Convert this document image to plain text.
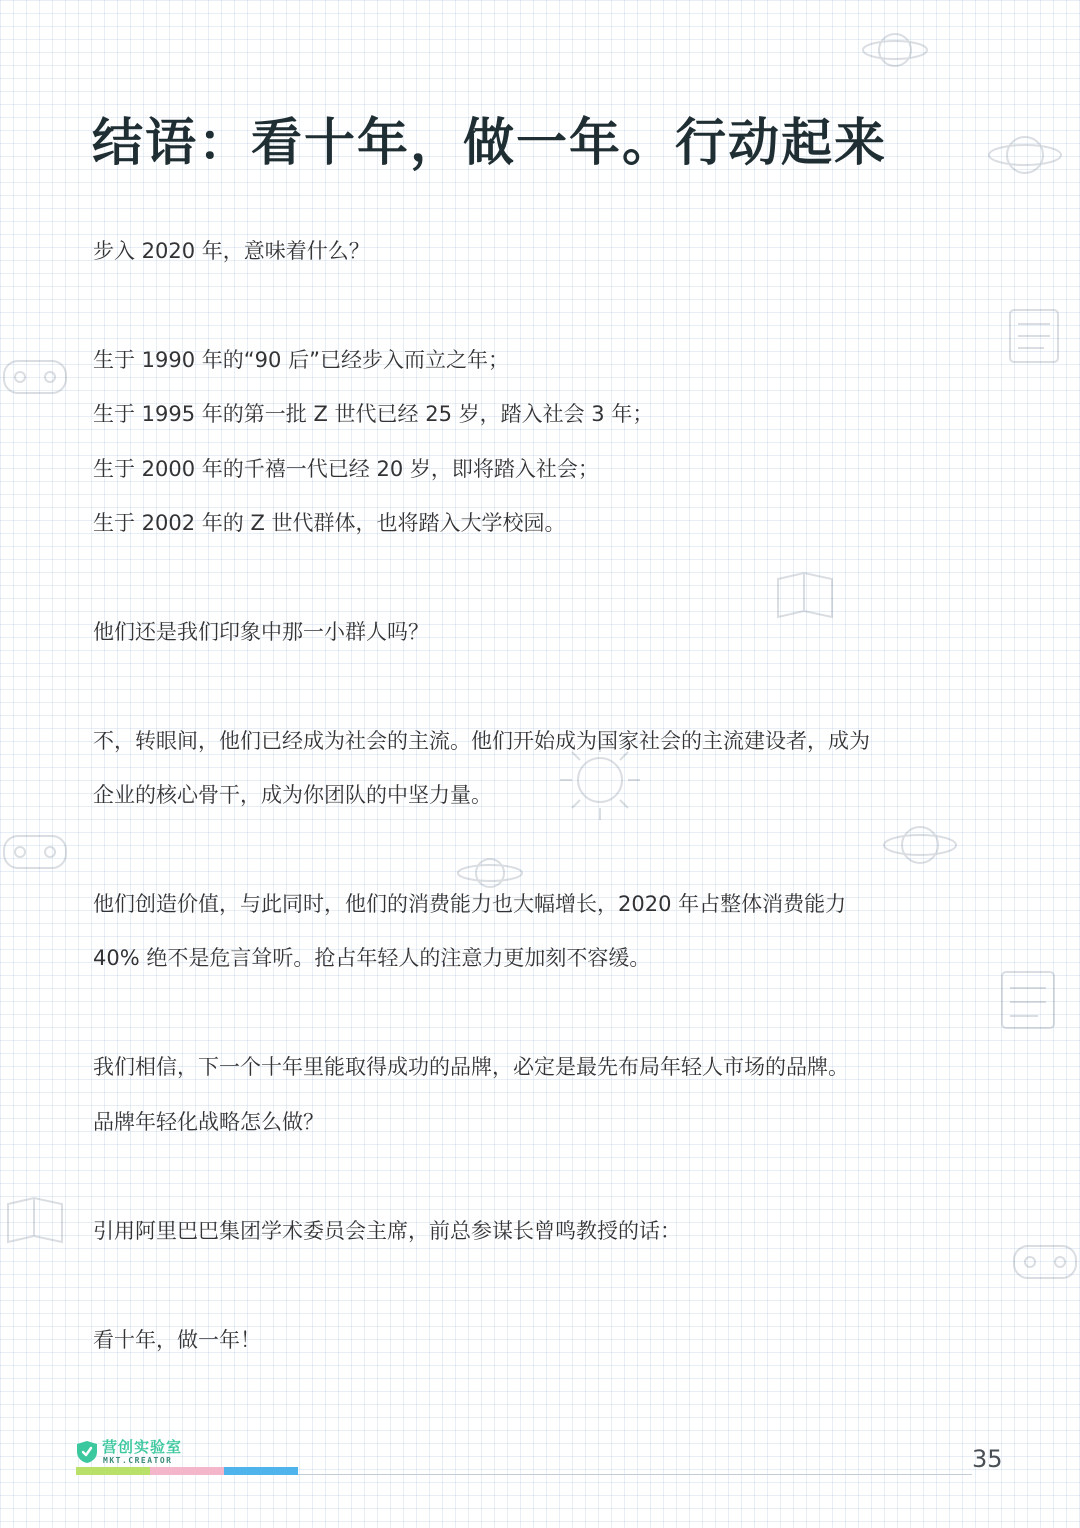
结语：看十年，做一年。行动起来

步入 2020 年，意味着什么？

生于 1990 年的“90 后”已经步入而立之年；

生于 1995 年的第一批 Z 世代已经 25 岁，踏入社会 3 年；

生于 2000 年的千禧一代已经 20 岁，即将踏入社会；

生于 2002 年的 Z 世代群体，也将踏入大学校园。

他们还是我们印象中那一小群人吗？

不，转眼间，他们已经成为社会的主流。他们开始成为国家社会的主流建设者，成为

企业的核心骨干，成为你团队的中坚力量。

他们创造价值，与此同时，他们的消费能力也大幅增长，2020 年占整体消费能力

40% 绝不是危言耸听。抢占年轻人的注意力更加刻不容缓。

我们相信，下一个十年里能取得成功的品牌，必定是最先布局年轻人市场的品牌。

品牌年轻化战略怎么做？

引用阿里巴巴集团学术委员会主席，前总参谋长曾鸣教授的话：

看十年，做一年！

营创实验室
MKT.CREATOR	35
